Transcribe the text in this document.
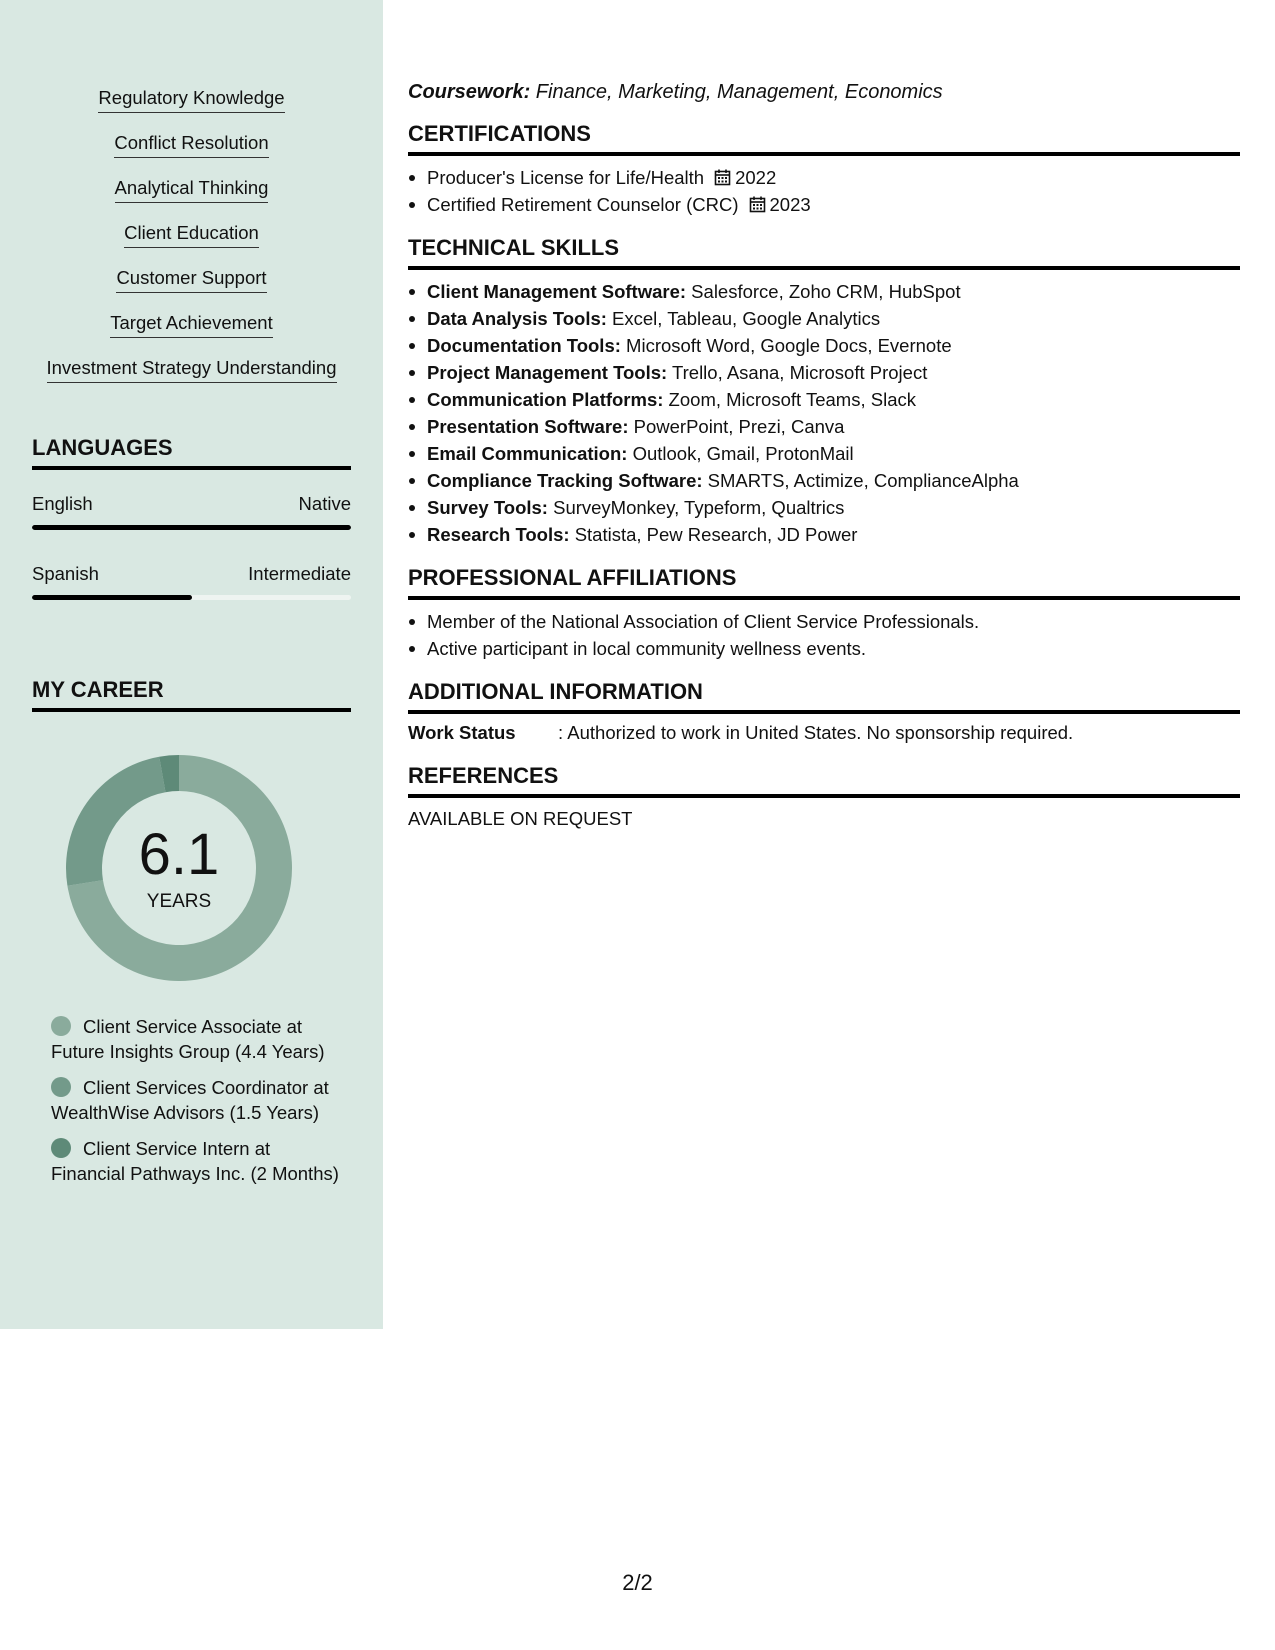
Regulatory Knowledge
Conflict Resolution
Analytical Thinking
Client Education
Customer Support
Target Achievement
Investment Strategy Understanding
LANGUAGES
English	Native
Spanish	Intermediate
MY CAREER
6.1
YEARS
Client Service Associate at Future Insights Group (4.4 Years)
Client Services Coordinator at WealthWise Advisors (1.5 Years)
Client Service Intern at Financial Pathways Inc. (2 Months)
Coursework: Finance, Marketing, Management, Economics
CERTIFICATIONS
Producer's License for Life/Health 2022
Certified Retirement Counselor (CRC) 2023
TECHNICAL SKILLS
Client Management Software: Salesforce, Zoho CRM, HubSpot
Data Analysis Tools: Excel, Tableau, Google Analytics
Documentation Tools: Microsoft Word, Google Docs, Evernote
Project Management Tools: Trello, Asana, Microsoft Project
Communication Platforms: Zoom, Microsoft Teams, Slack
Presentation Software: PowerPoint, Prezi, Canva
Email Communication: Outlook, Gmail, ProtonMail
Compliance Tracking Software: SMARTS, Actimize, ComplianceAlpha
Survey Tools: SurveyMonkey, Typeform, Qualtrics
Research Tools: Statista, Pew Research, JD Power
PROFESSIONAL AFFILIATIONS
Member of the National Association of Client Service Professionals.
Active participant in local community wellness events.
ADDITIONAL INFORMATION
Work Status	: Authorized to work in United States. No sponsorship required.
REFERENCES
AVAILABLE ON REQUEST
2/2
